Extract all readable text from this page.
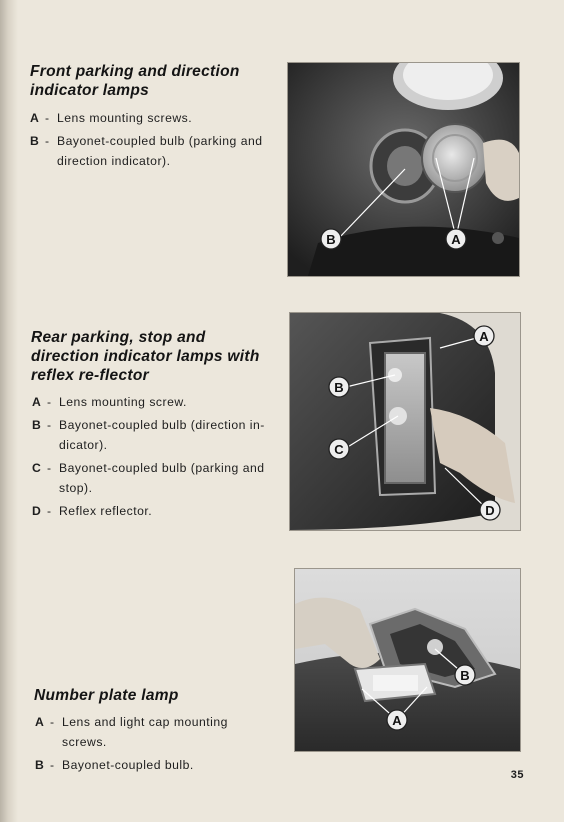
Front parking and direction indicator lamps
A - Lens mounting screws.
B - Bayonet-coupled bulb (parking and direction indicator).
B	A
Rear parking, stop and direction indicator lamps with reflex re-flector
A - Lens mounting screw.
B - Bayonet-coupled bulb (direction in-dicator).
C - Bayonet-coupled bulb (parking and stop).
D - Reflex reflector.
A
B
C
D
Number plate lamp
A - Lens and light cap mounting screws.
B - Bayonet-coupled bulb.
B
A
35
